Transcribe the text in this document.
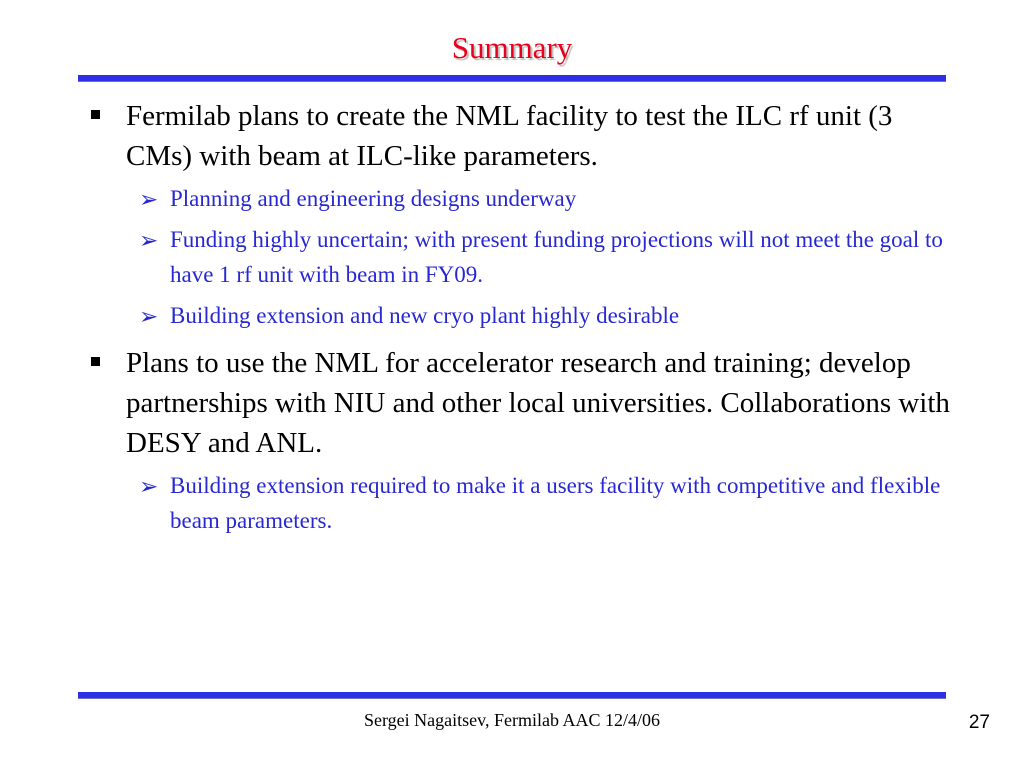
Summary
Fermilab plans to create the NML facility to test the ILC rf unit (3 CMs) with beam at ILC-like parameters.
➢ Planning and engineering designs underway
➢ Funding highly uncertain; with present funding projections will not meet the goal to have 1 rf unit with beam in FY09.
➢ Building extension and new cryo plant highly desirable
Plans to use the NML for accelerator research and training; develop partnerships with NIU and other local universities. Collaborations with DESY and ANL.
➢ Building extension required to make it a users facility with competitive and flexible beam parameters.
Sergei Nagaitsev, Fermilab AAC 12/4/06	27
